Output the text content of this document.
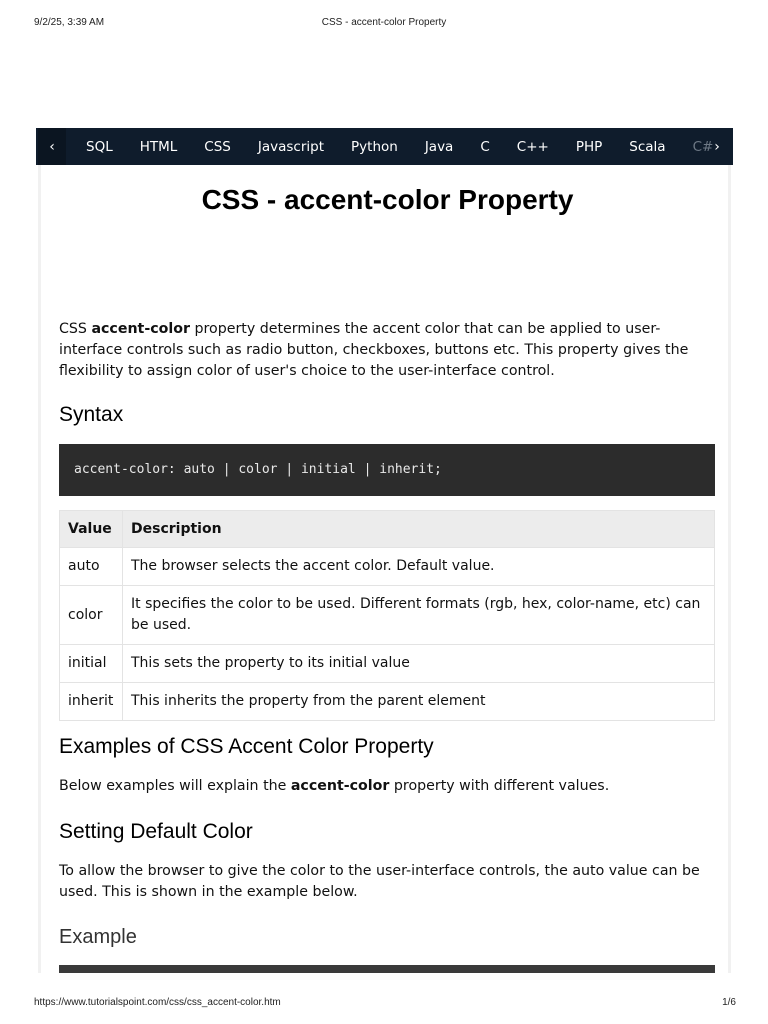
9/2/25, 3:39 AM	CSS - accent-color Property
‹	SQL HTML CSS Javascript Python Java C C++ PHP Scala C# ›
CSS - accent-color Property

CSS accent-color property determines the accent color that can be applied to user-interface controls such as radio button, checkboxes, buttons etc. This property gives the flexibility to assign color of user's choice to the user-interface control.

Syntax
accent-color: auto | color | initial | inherit;
Value	Description
auto	The browser selects the accent color. Default value.
color	It specifies the color to be used. Different formats (rgb, hex, color-name, etc) can be used.
initial	This sets the property to its initial value
inherit	This inherits the property from the parent element
Examples of CSS Accent Color Property

Below examples will explain the accent-color property with different values.

Setting Default Color

To allow the browser to give the color to the user-interface controls, the auto value can be used. This is shown in the example below.

Example
https://www.tutorialspoint.com/css/css_accent-color.htm	1/6
